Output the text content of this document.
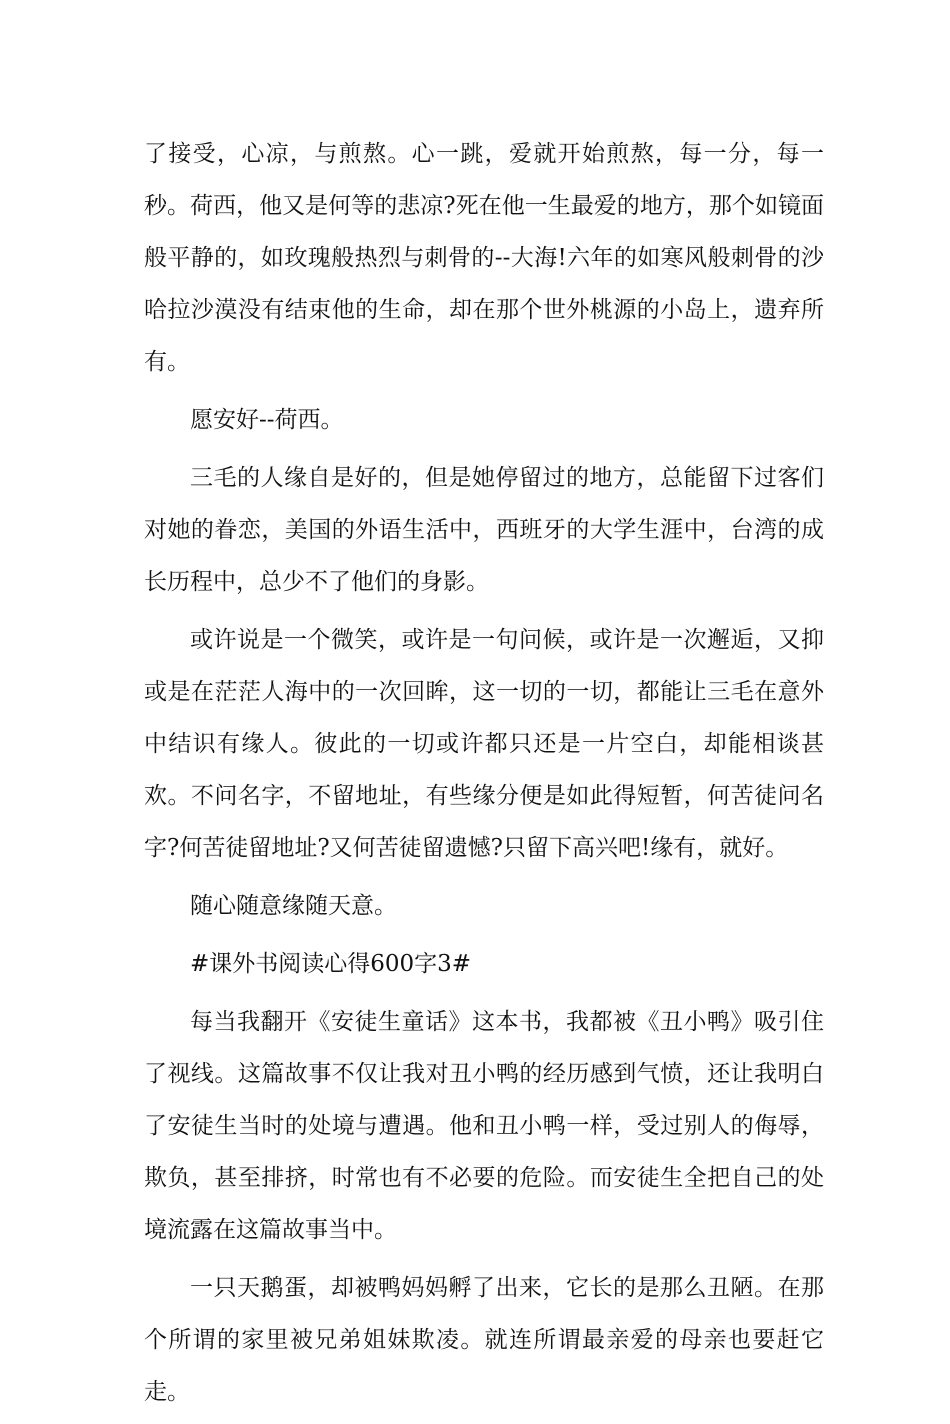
了接受，心凉，与煎熬。心一跳，爱就开始煎熬，每一分，每一秒。荷西，他又是何等的悲凉?死在他一生最爱的地方，那个如镜面般平静的，如玫瑰般热烈与刺骨的--大海!六年的如寒风般刺骨的沙哈拉沙漠没有结束他的生命，却在那个世外桃源的小岛上，遗弃所有。

愿安好--荷西。

三毛的人缘自是好的，但是她停留过的地方，总能留下过客们对她的眷恋，美国的外语生活中，西班牙的大学生涯中，台湾的成长历程中，总少不了他们的身影。

或许说是一个微笑，或许是一句问候，或许是一次邂逅，又抑或是在茫茫人海中的一次回眸，这一切的一切，都能让三毛在意外中结识有缘人。彼此的一切或许都只还是一片空白，却能相谈甚欢。不问名字，不留地址，有些缘分便是如此得短暂，何苦徒问名字?何苦徒留地址?又何苦徒留遗憾?只留下高兴吧!缘有，就好。

随心随意缘随天意。

#课外书阅读心得600字3#

每当我翻开《安徒生童话》这本书，我都被《丑小鸭》吸引住了视线。这篇故事不仅让我对丑小鸭的经历感到气愤，还让我明白了安徒生当时的处境与遭遇。他和丑小鸭一样，受过别人的侮辱，欺负，甚至排挤，时常也有不必要的危险。而安徒生全把自己的处境流露在这篇故事当中。

一只天鹅蛋，却被鸭妈妈孵了出来，它长的是那么丑陋。在那个所谓的家里被兄弟姐妹欺凌。就连所谓最亲爱的母亲也要赶它走。
